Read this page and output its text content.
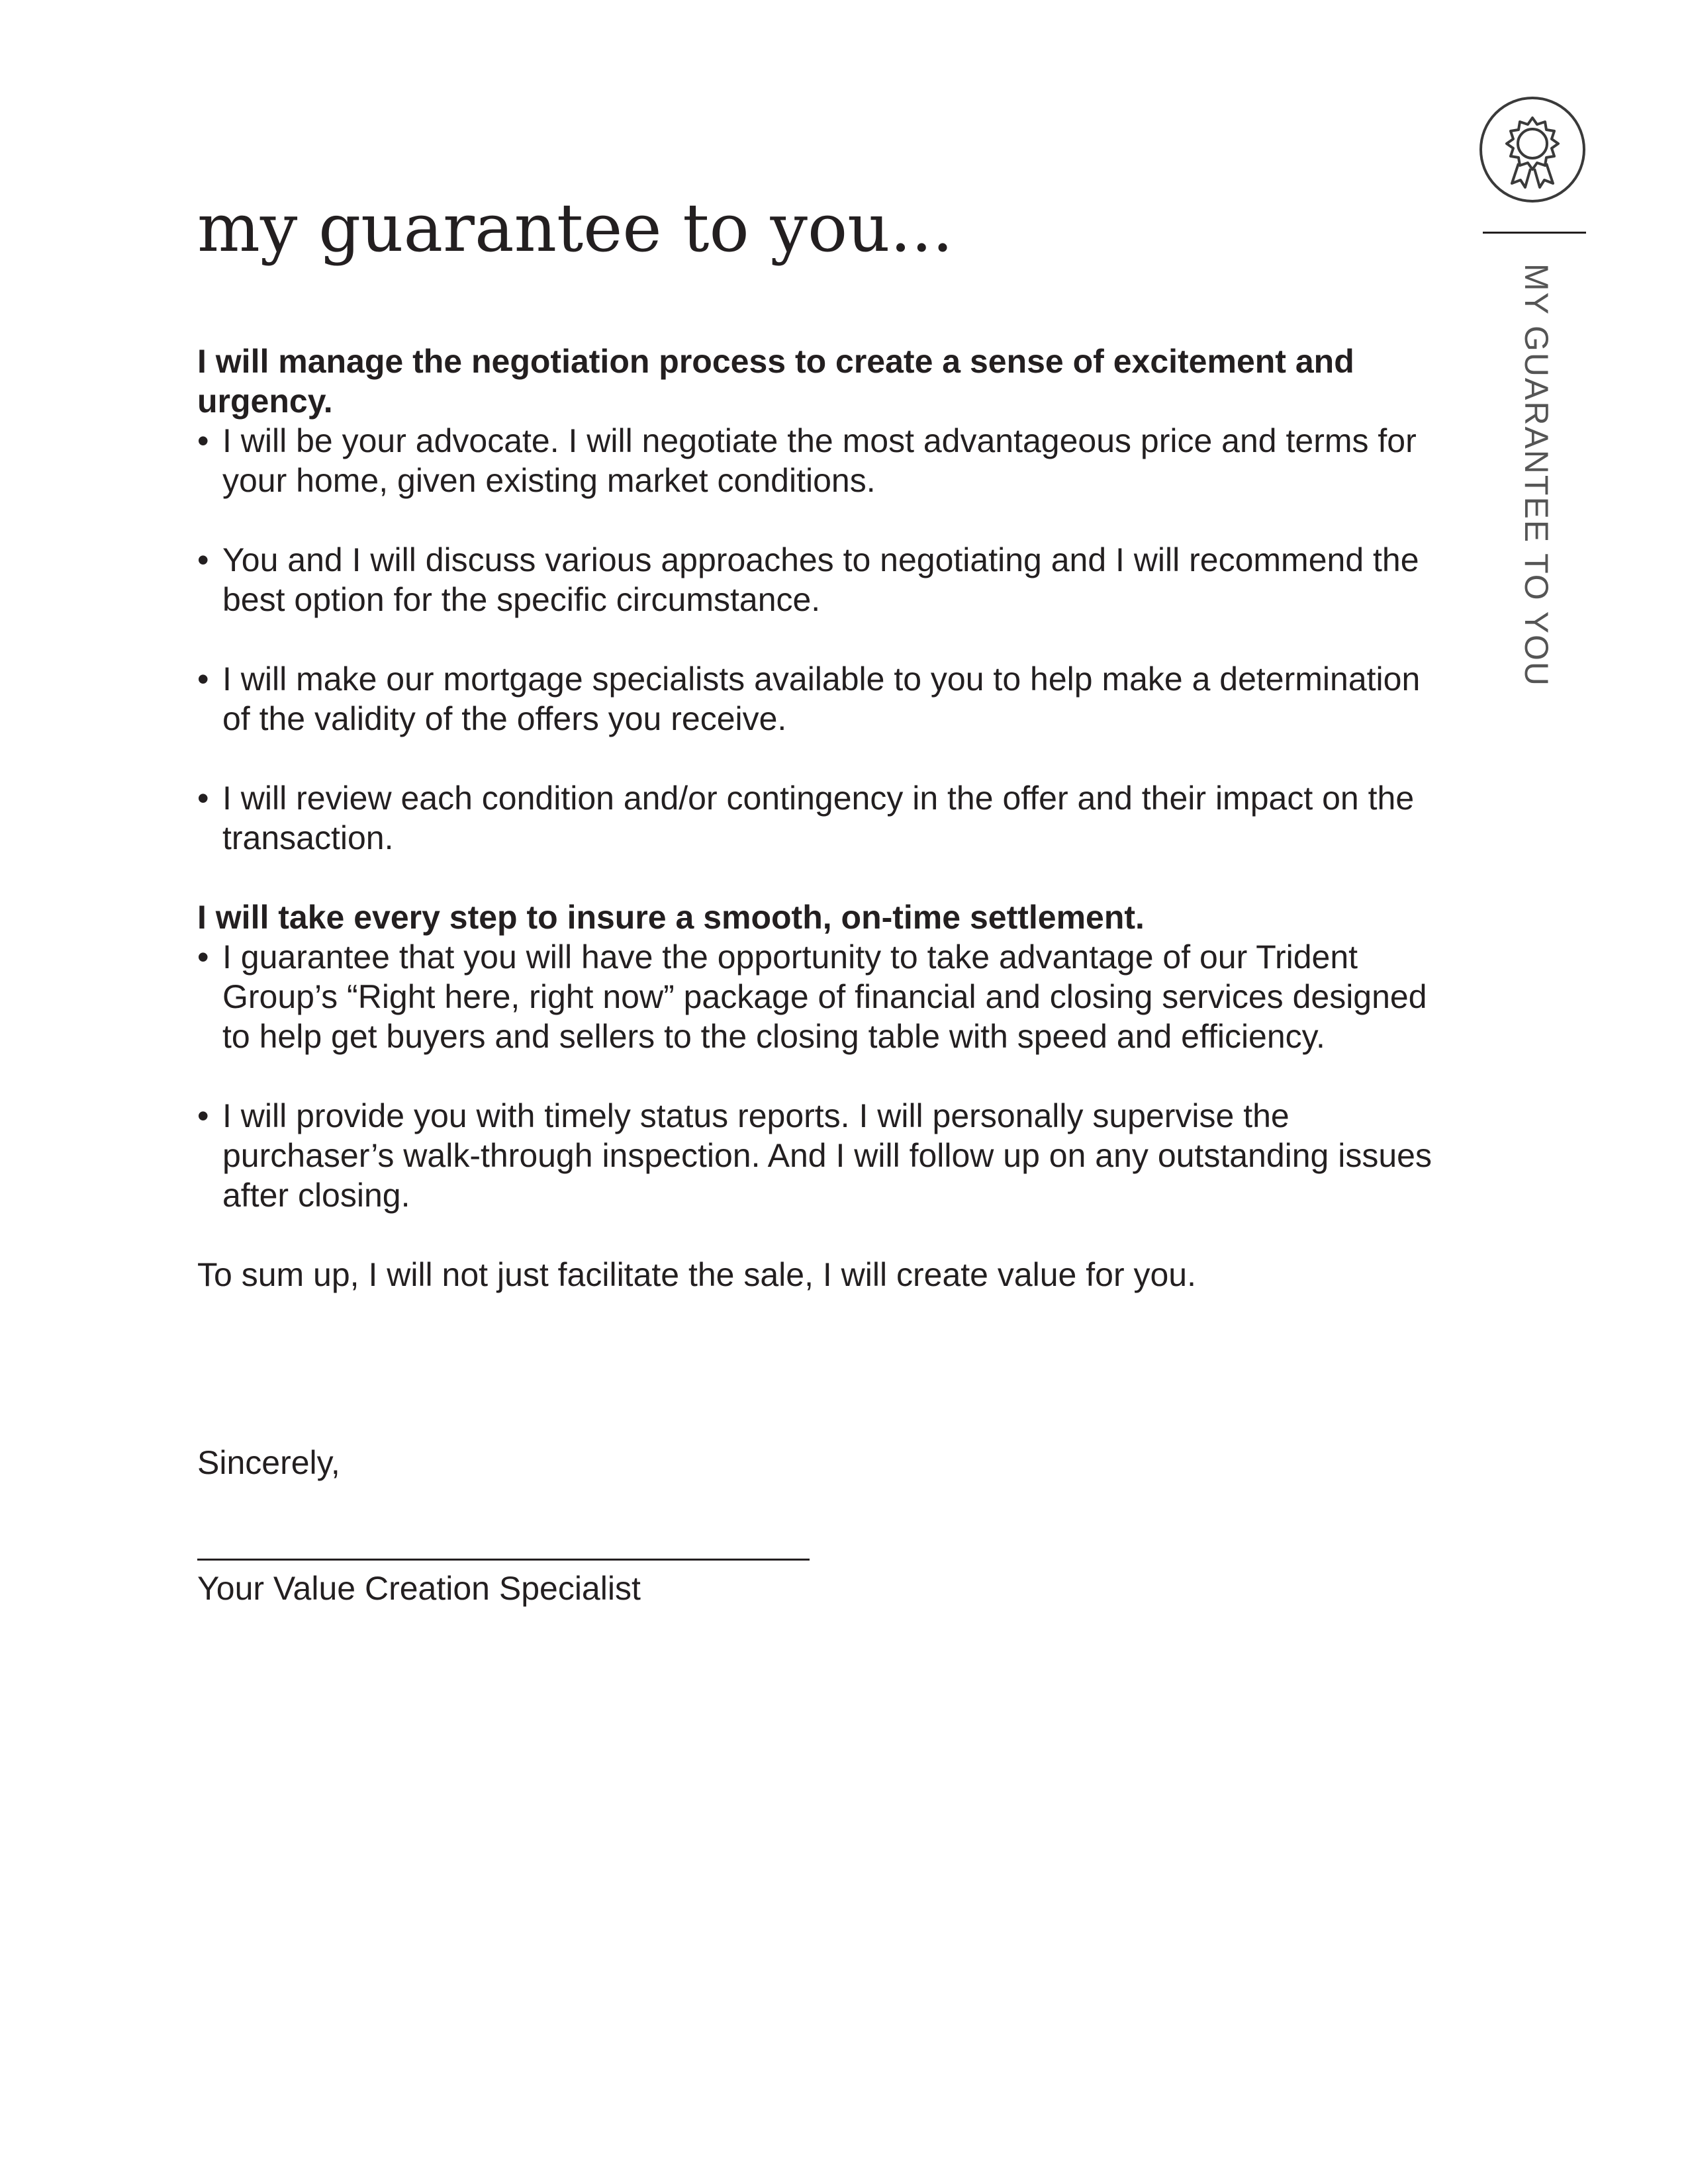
MY GUARANTEE TO YOU
my guarantee to you...

I will manage the negotiation process to create a sense of excitement and urgency.

• I will be your advocate. I will negotiate the most advantageous price and terms for your home, given existing market conditions.

• You and I will discuss various approaches to negotiating and I will recommend the best option for the specific circumstance.

• I will make our mortgage specialists available to you to help make a determination of the validity of the offers you receive.

• I will review each condition and/or contingency in the offer and their impact on the transaction.

I will take every step to insure a smooth, on-time settlement.

• I guarantee that you will have the opportunity to take advantage of our Trident Group’s “Right here, right now” package of financial and closing services designed to help get buyers and sellers to the closing table with speed and efficiency.

• I will provide you with timely status reports. I will personally supervise the purchaser’s walk-through inspection. And I will follow up on any outstanding issues after closing.

To sum up, I will not just facilitate the sale, I will create value for you.

Sincerely,
Your Value Creation Specialist
